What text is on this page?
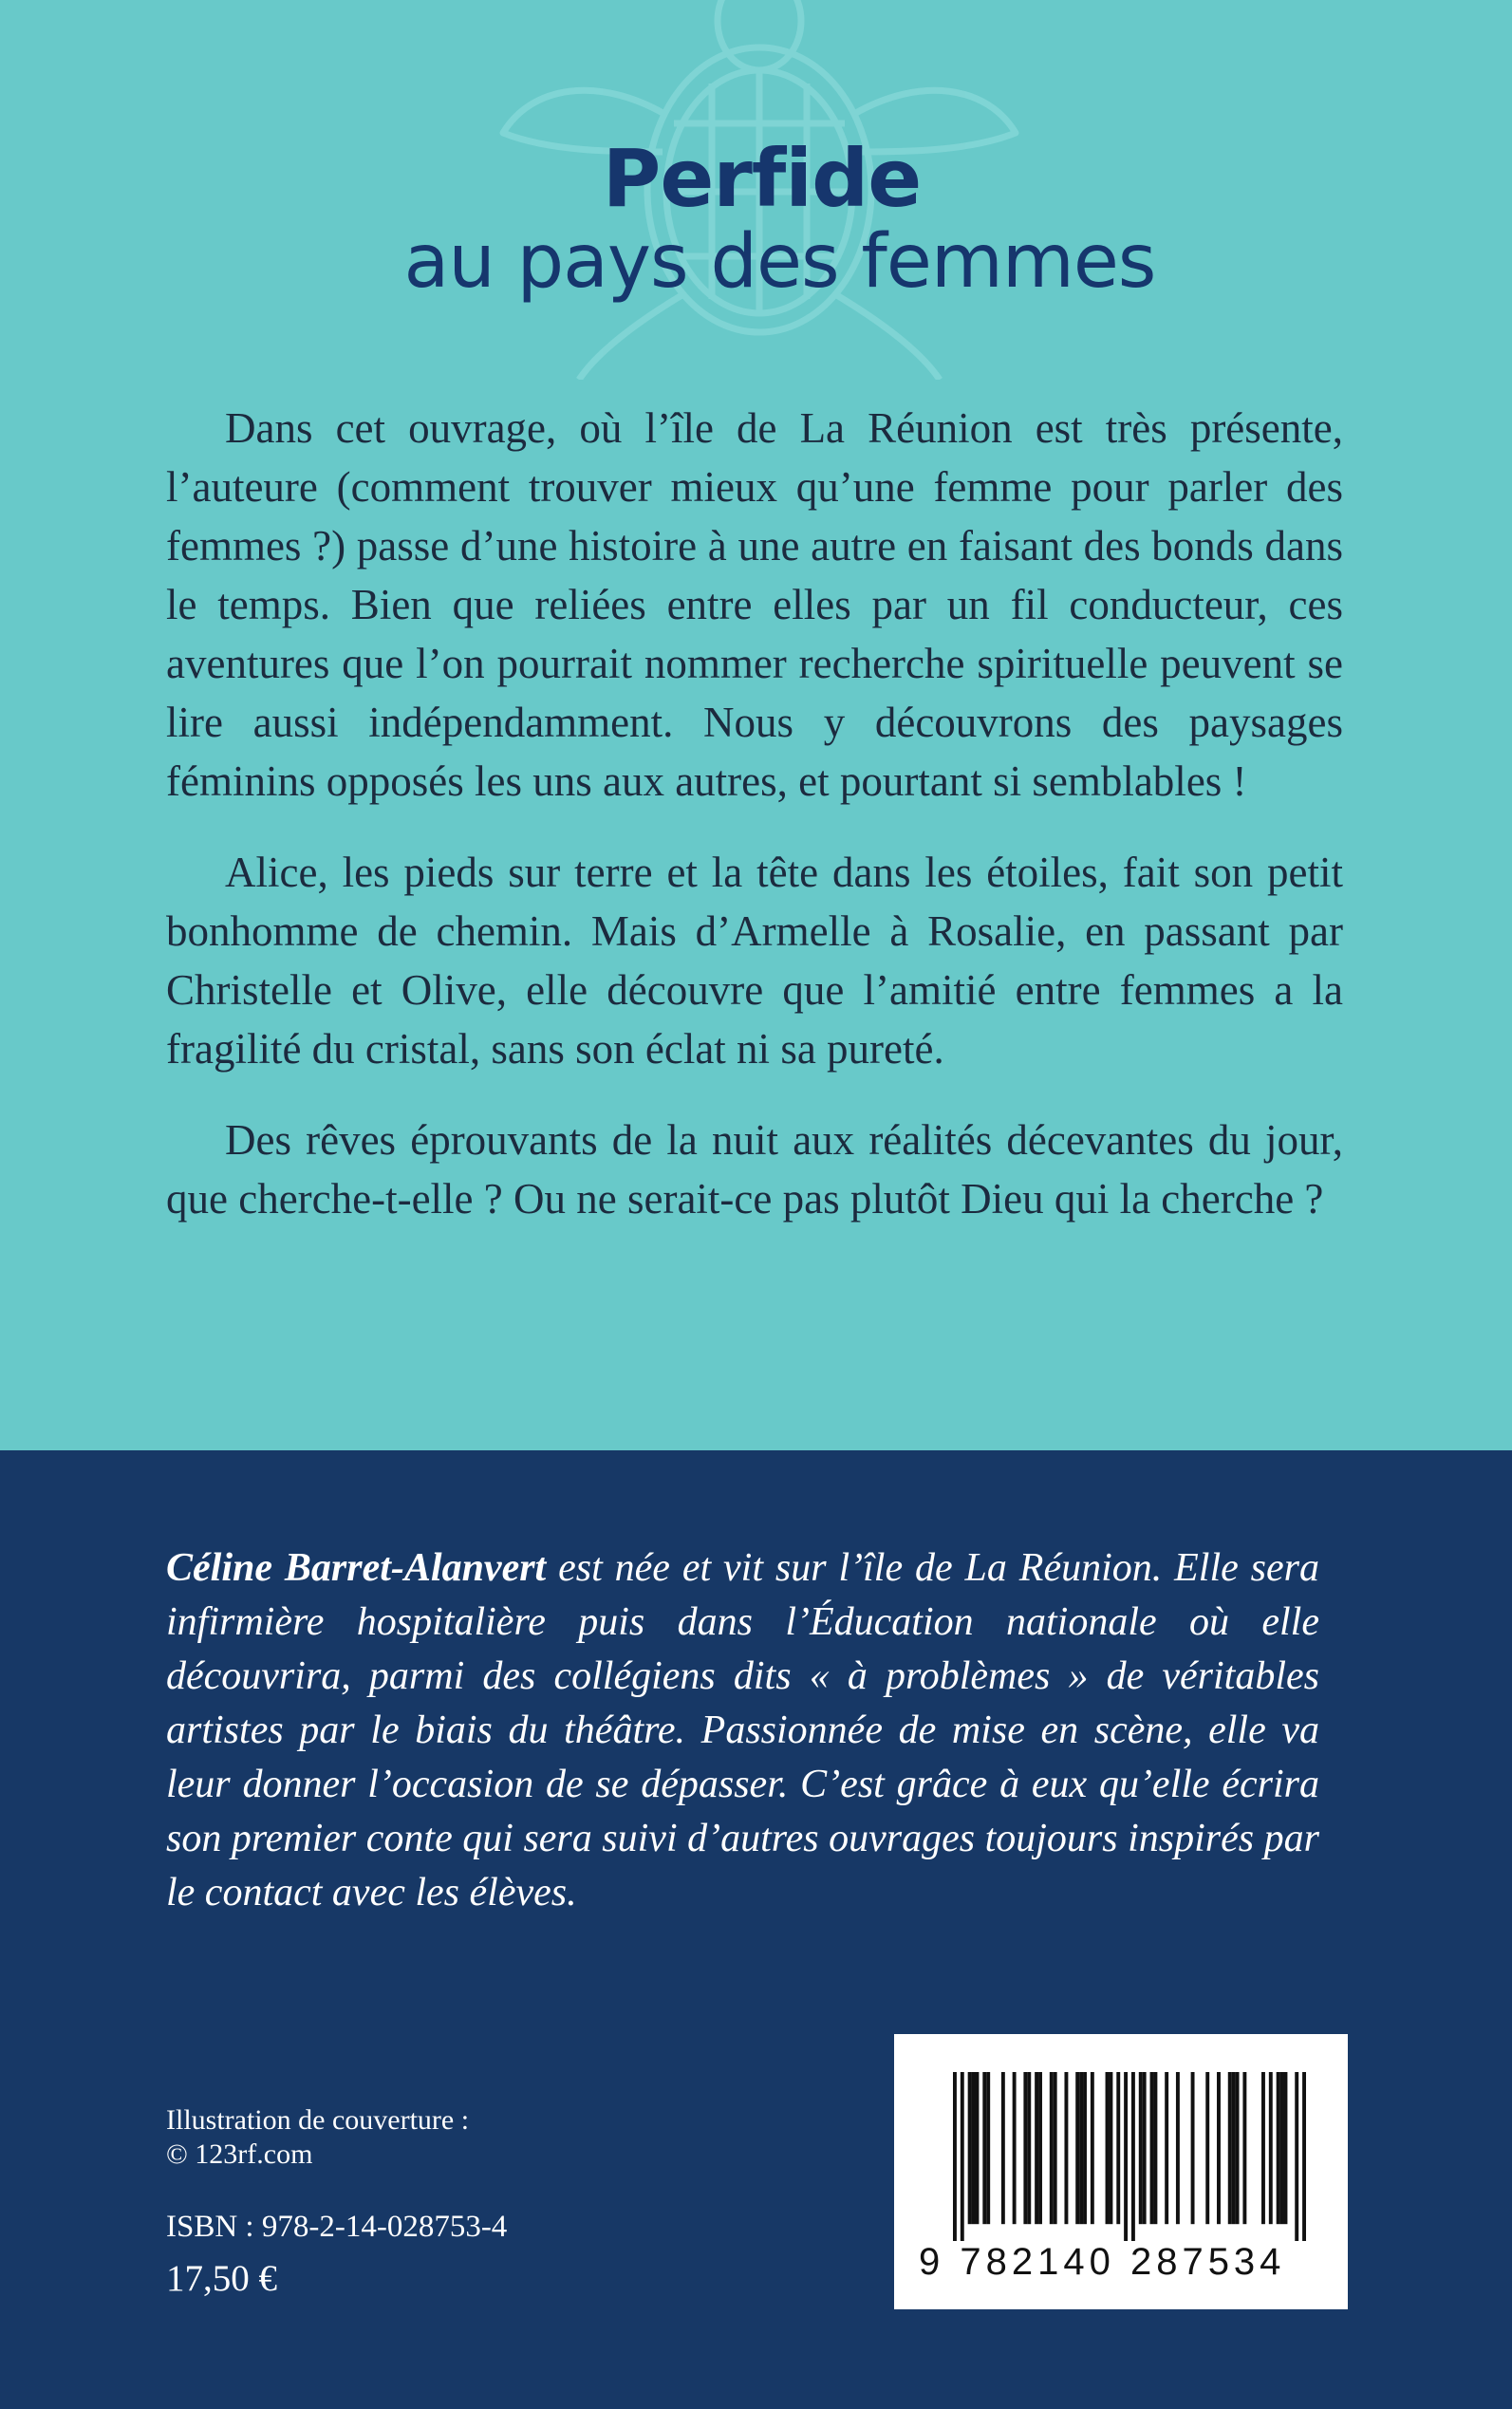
Perfide
au pays des femmes

Dans cet ouvrage, où l’île de La Réunion est très présente, l’auteure (comment trouver mieux qu’une femme pour parler des femmes ?) passe d’une histoire à une autre en faisant des bonds dans le temps. Bien que reliées entre elles par un fil conducteur, ces aventures que l’on pourrait nommer recherche spirituelle peuvent se lire aussi indépendamment. Nous y découvrons des paysages féminins opposés les uns aux autres, et pourtant si semblables !

Alice, les pieds sur terre et la tête dans les étoiles, fait son petit bonhomme de chemin. Mais d’Armelle à Rosalie, en passant par Christelle et Olive, elle découvre que l’amitié entre femmes a la fragilité du cristal, sans son éclat ni sa pureté.

Des rêves éprouvants de la nuit aux réalités décevantes du jour, que cherche-t-elle ? Ou ne serait-ce pas plutôt Dieu qui la cherche ?

Céline Barret-Alanvert est née et vit sur l’île de La Réunion. Elle sera infirmière hospitalière puis dans l’Éducation nationale où elle découvrira, parmi des collégiens dits « à problèmes » de véritables artistes par le biais du théâtre. Passionnée de mise en scène, elle va leur donner l’occasion de se dépasser. C’est grâce à eux qu’elle écrira son premier conte qui sera suivi d’autres ouvrages toujours inspirés par le contact avec les élèves.
Illustration de couverture :
© 123rf.com
ISBN : 978-2-14-028753-4
17,50 €	9 782140 287534
